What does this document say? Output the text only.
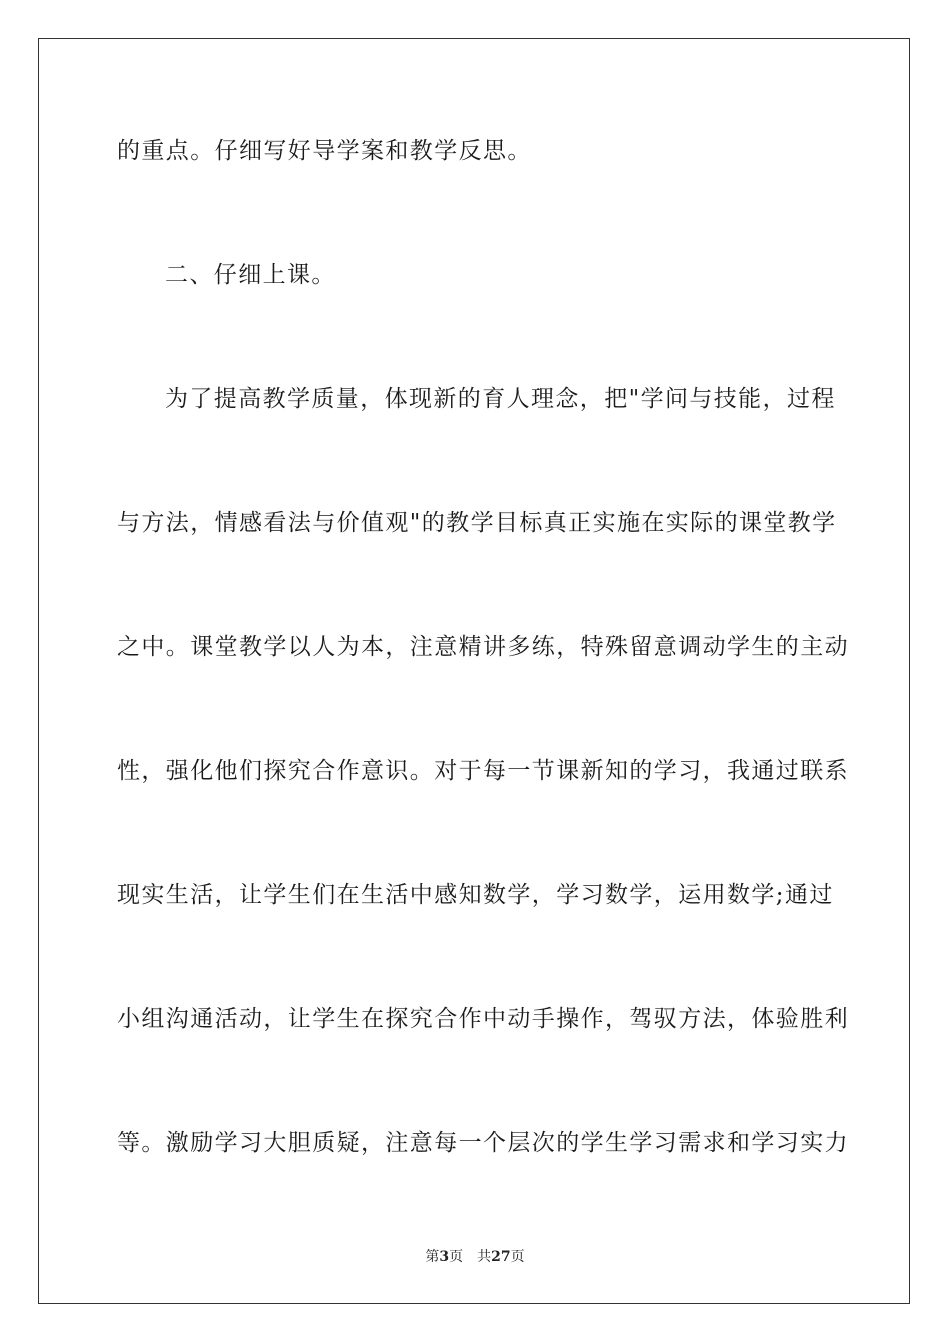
的重点。仔细写好导学案和教学反思。
二、仔细上课。
为了提高教学质量，体现新的育人理念，把"学问与技能，过程
与方法，情感看法与价值观"的教学目标真正实施在实际的课堂教学
之中。课堂教学以人为本，注意精讲多练，特殊留意调动学生的主动
性，强化他们探究合作意识。对于每一节课新知的学习，我通过联系
现实生活，让学生们在生活中感知数学，学习数学，运用数学;通过
小组沟通活动，让学生在探究合作中动手操作，驾驭方法，体验胜利
等。激励学习大胆质疑，注意每一个层次的学生学习需求和学习实力
第3页 共27页
